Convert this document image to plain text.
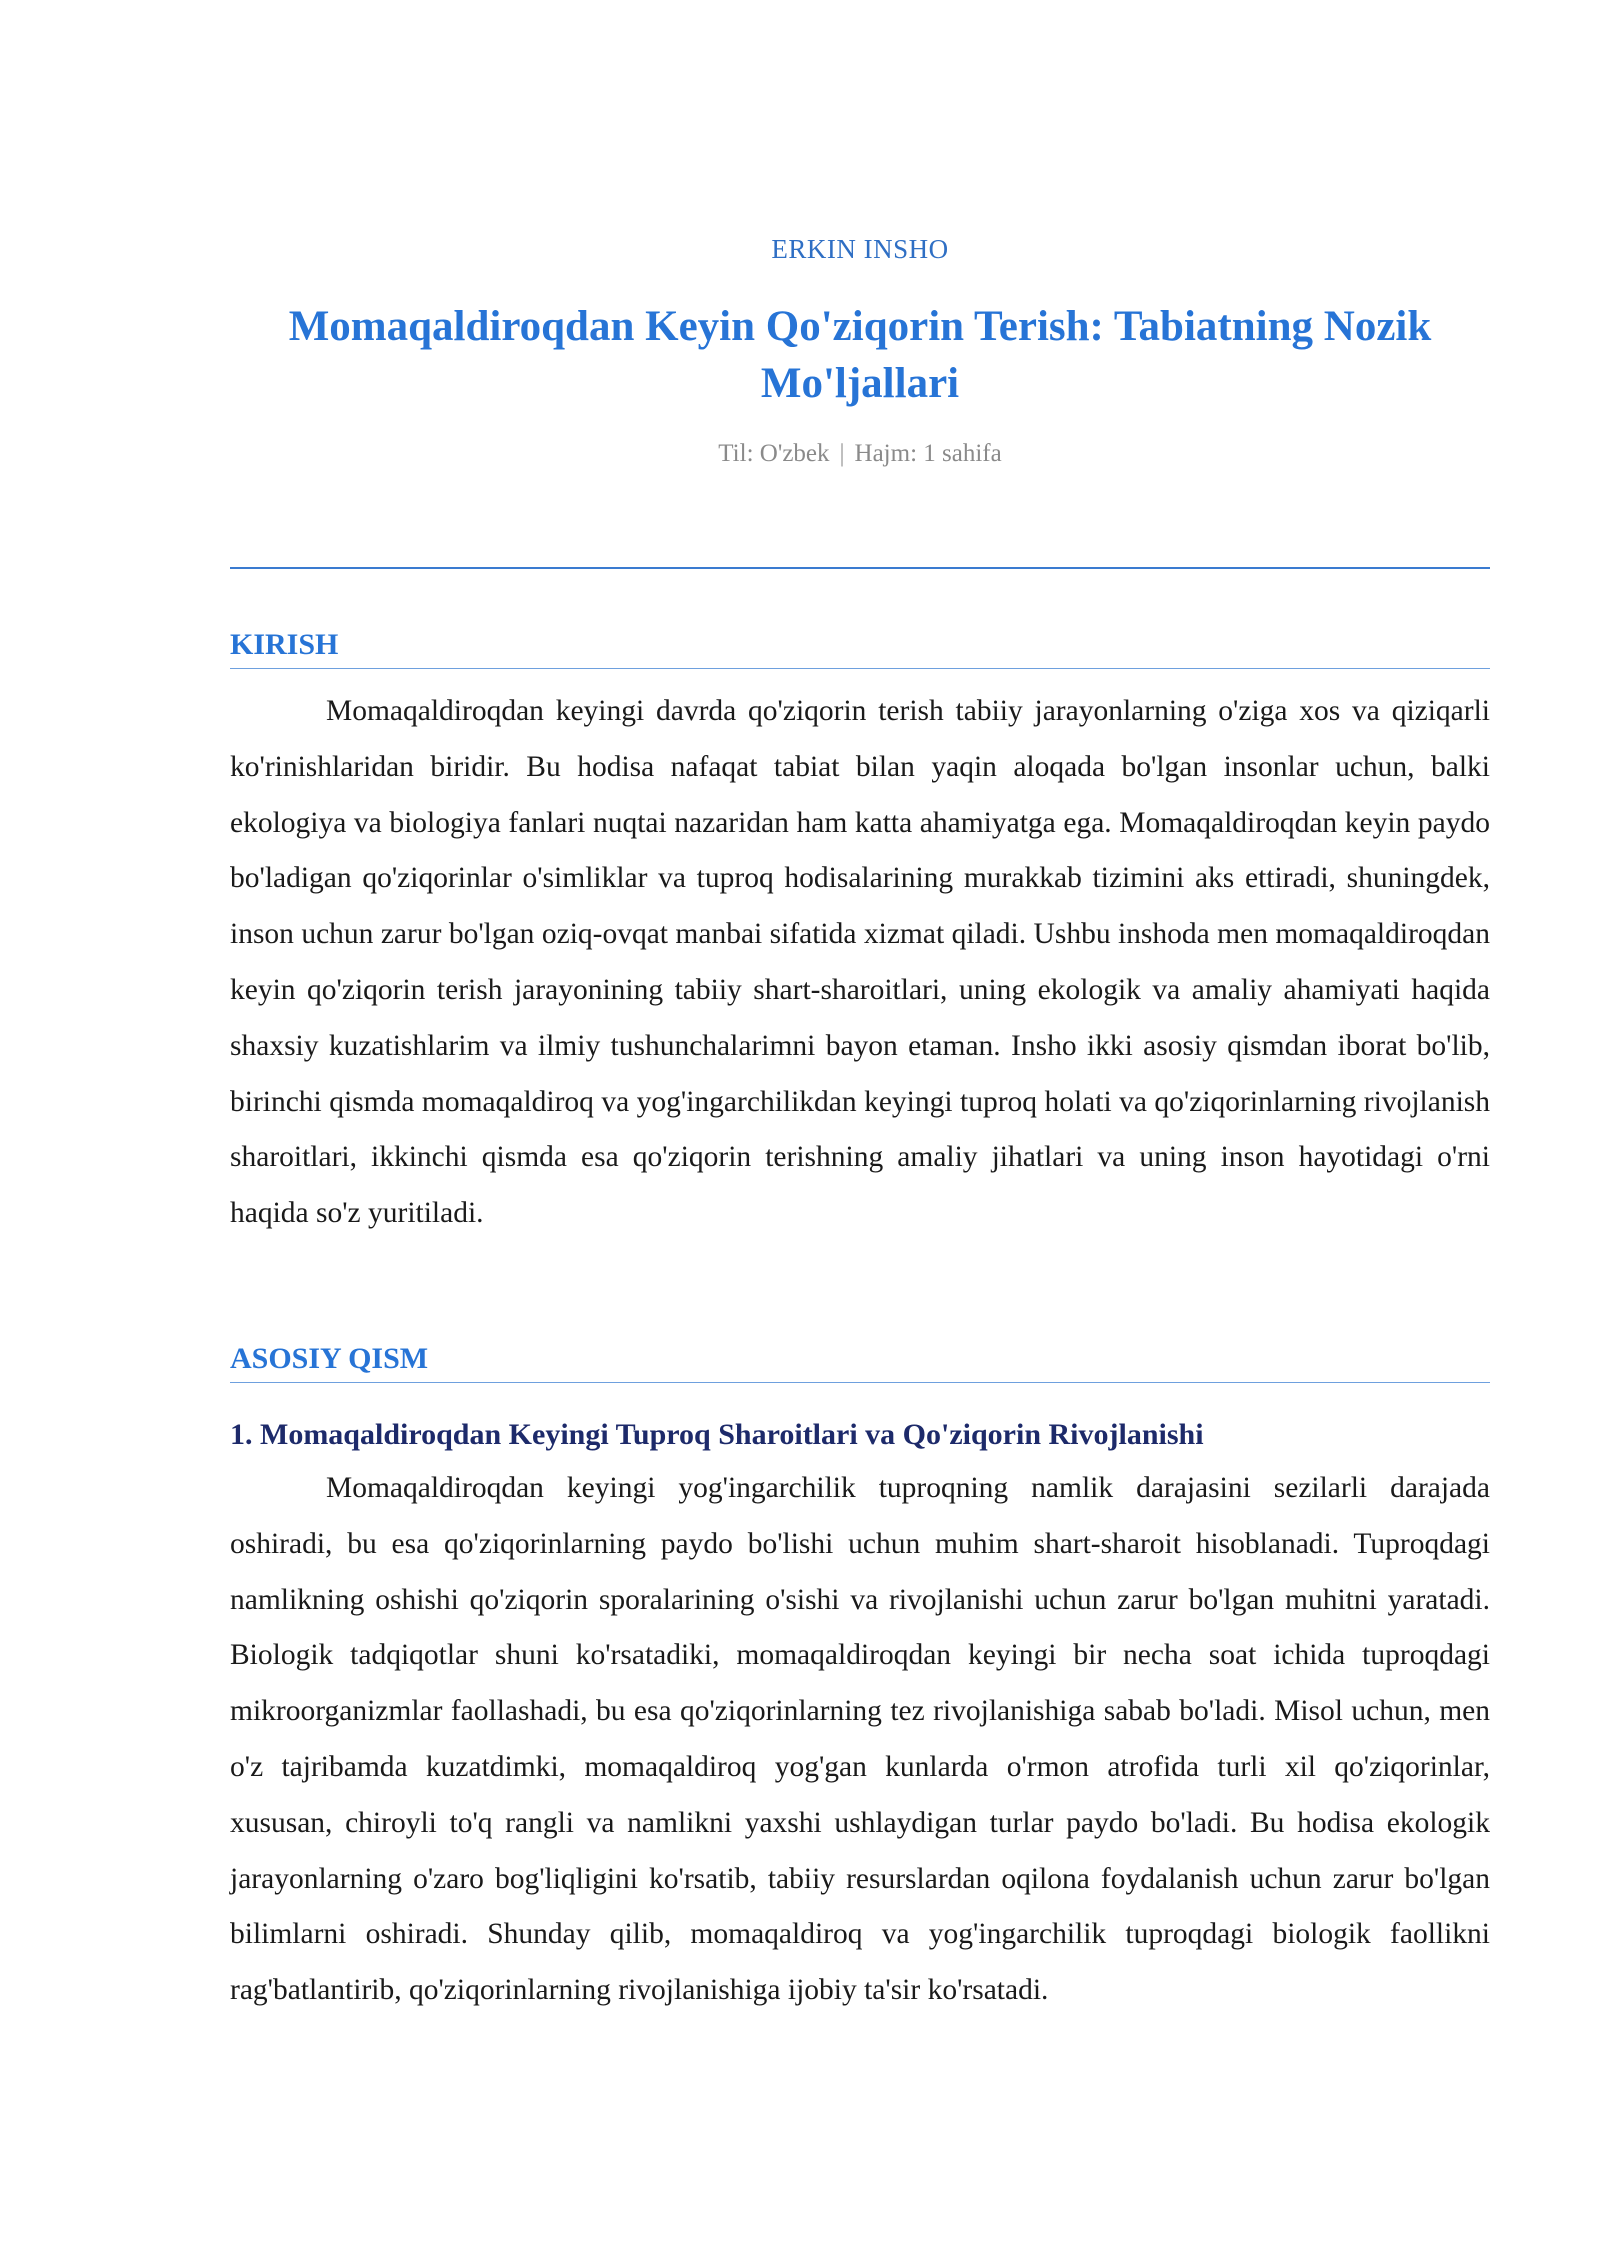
ERKIN INSHO
Momaqaldiroqdan Keyin Qo'ziqorin Terish: Tabiatning Nozik Mo'ljallari
Til: O'zbek | Hajm: 1 sahifa
KIRISH

Momaqaldiroqdan keyingi davrda qo'ziqorin terish tabiiy jarayonlarning o'ziga xos va qiziqarli ko'rinishlaridan biridir. Bu hodisa nafaqat tabiat bilan yaqin aloqada bo'lgan insonlar uchun, balki ekologiya va biologiya fanlari nuqtai nazaridan ham katta ahamiyatga ega. Momaqaldiroqdan keyin paydo bo'ladigan qo'ziqorinlar o'simliklar va tuproq hodisalarining murakkab tizimini aks ettiradi, shuningdek, inson uchun zarur bo'lgan oziq-ovqat manbai sifatida xizmat qiladi. Ushbu inshoda men momaqaldiroqdan keyin qo'ziqorin terish jarayonining tabiiy shart-sharoitlari, uning ekologik va amaliy ahamiyati haqida shaxsiy kuzatishlarim va ilmiy tushunchalarimni bayon etaman. Insho ikki asosiy qismdan iborat bo'lib, birinchi qismda momaqaldiroq va yog'ingarchilikdan keyingi tuproq holati va qo'ziqorinlarning rivojlanish sharoitlari, ikkinchi qismda esa qo'ziqorin terishning amaliy jihatlari va uning inson hayotidagi o'rni haqida so'z yuritiladi.

ASOSIY QISM
1. Momaqaldiroqdan Keyingi Tuproq Sharoitlari va Qo'ziqorin Rivojlanishi

Momaqaldiroqdan keyingi yog'ingarchilik tuproqning namlik darajasini sezilarli darajada oshiradi, bu esa qo'ziqorinlarning paydo bo'lishi uchun muhim shart-sharoit hisoblanadi. Tuproqdagi namlikning oshishi qo'ziqorin sporalarining o'sishi va rivojlanishi uchun zarur bo'lgan muhitni yaratadi. Biologik tadqiqotlar shuni ko'rsatadiki, momaqaldiroqdan keyingi bir necha soat ichida tuproqdagi mikroorganizmlar faollashadi, bu esa qo'ziqorinlarning tez rivojlanishiga sabab bo'ladi. Misol uchun, men o'z tajribamda kuzatdimki, momaqaldiroq yog'gan kunlarda o'rmon atrofida turli xil qo'ziqorinlar, xususan, chiroyli to'q rangli va namlikni yaxshi ushlaydigan turlar paydo bo'ladi. Bu hodisa ekologik jarayonlarning o'zaro bog'liqligini ko'rsatib, tabiiy resurslardan oqilona foydalanish uchun zarur bo'lgan bilimlarni oshiradi. Shunday qilib, momaqaldiroq va yog'ingarchilik tuproqdagi biologik faollikni rag'batlantirib, qo'ziqorinlarning rivojlanishiga ijobiy ta'sir ko'rsatadi.
